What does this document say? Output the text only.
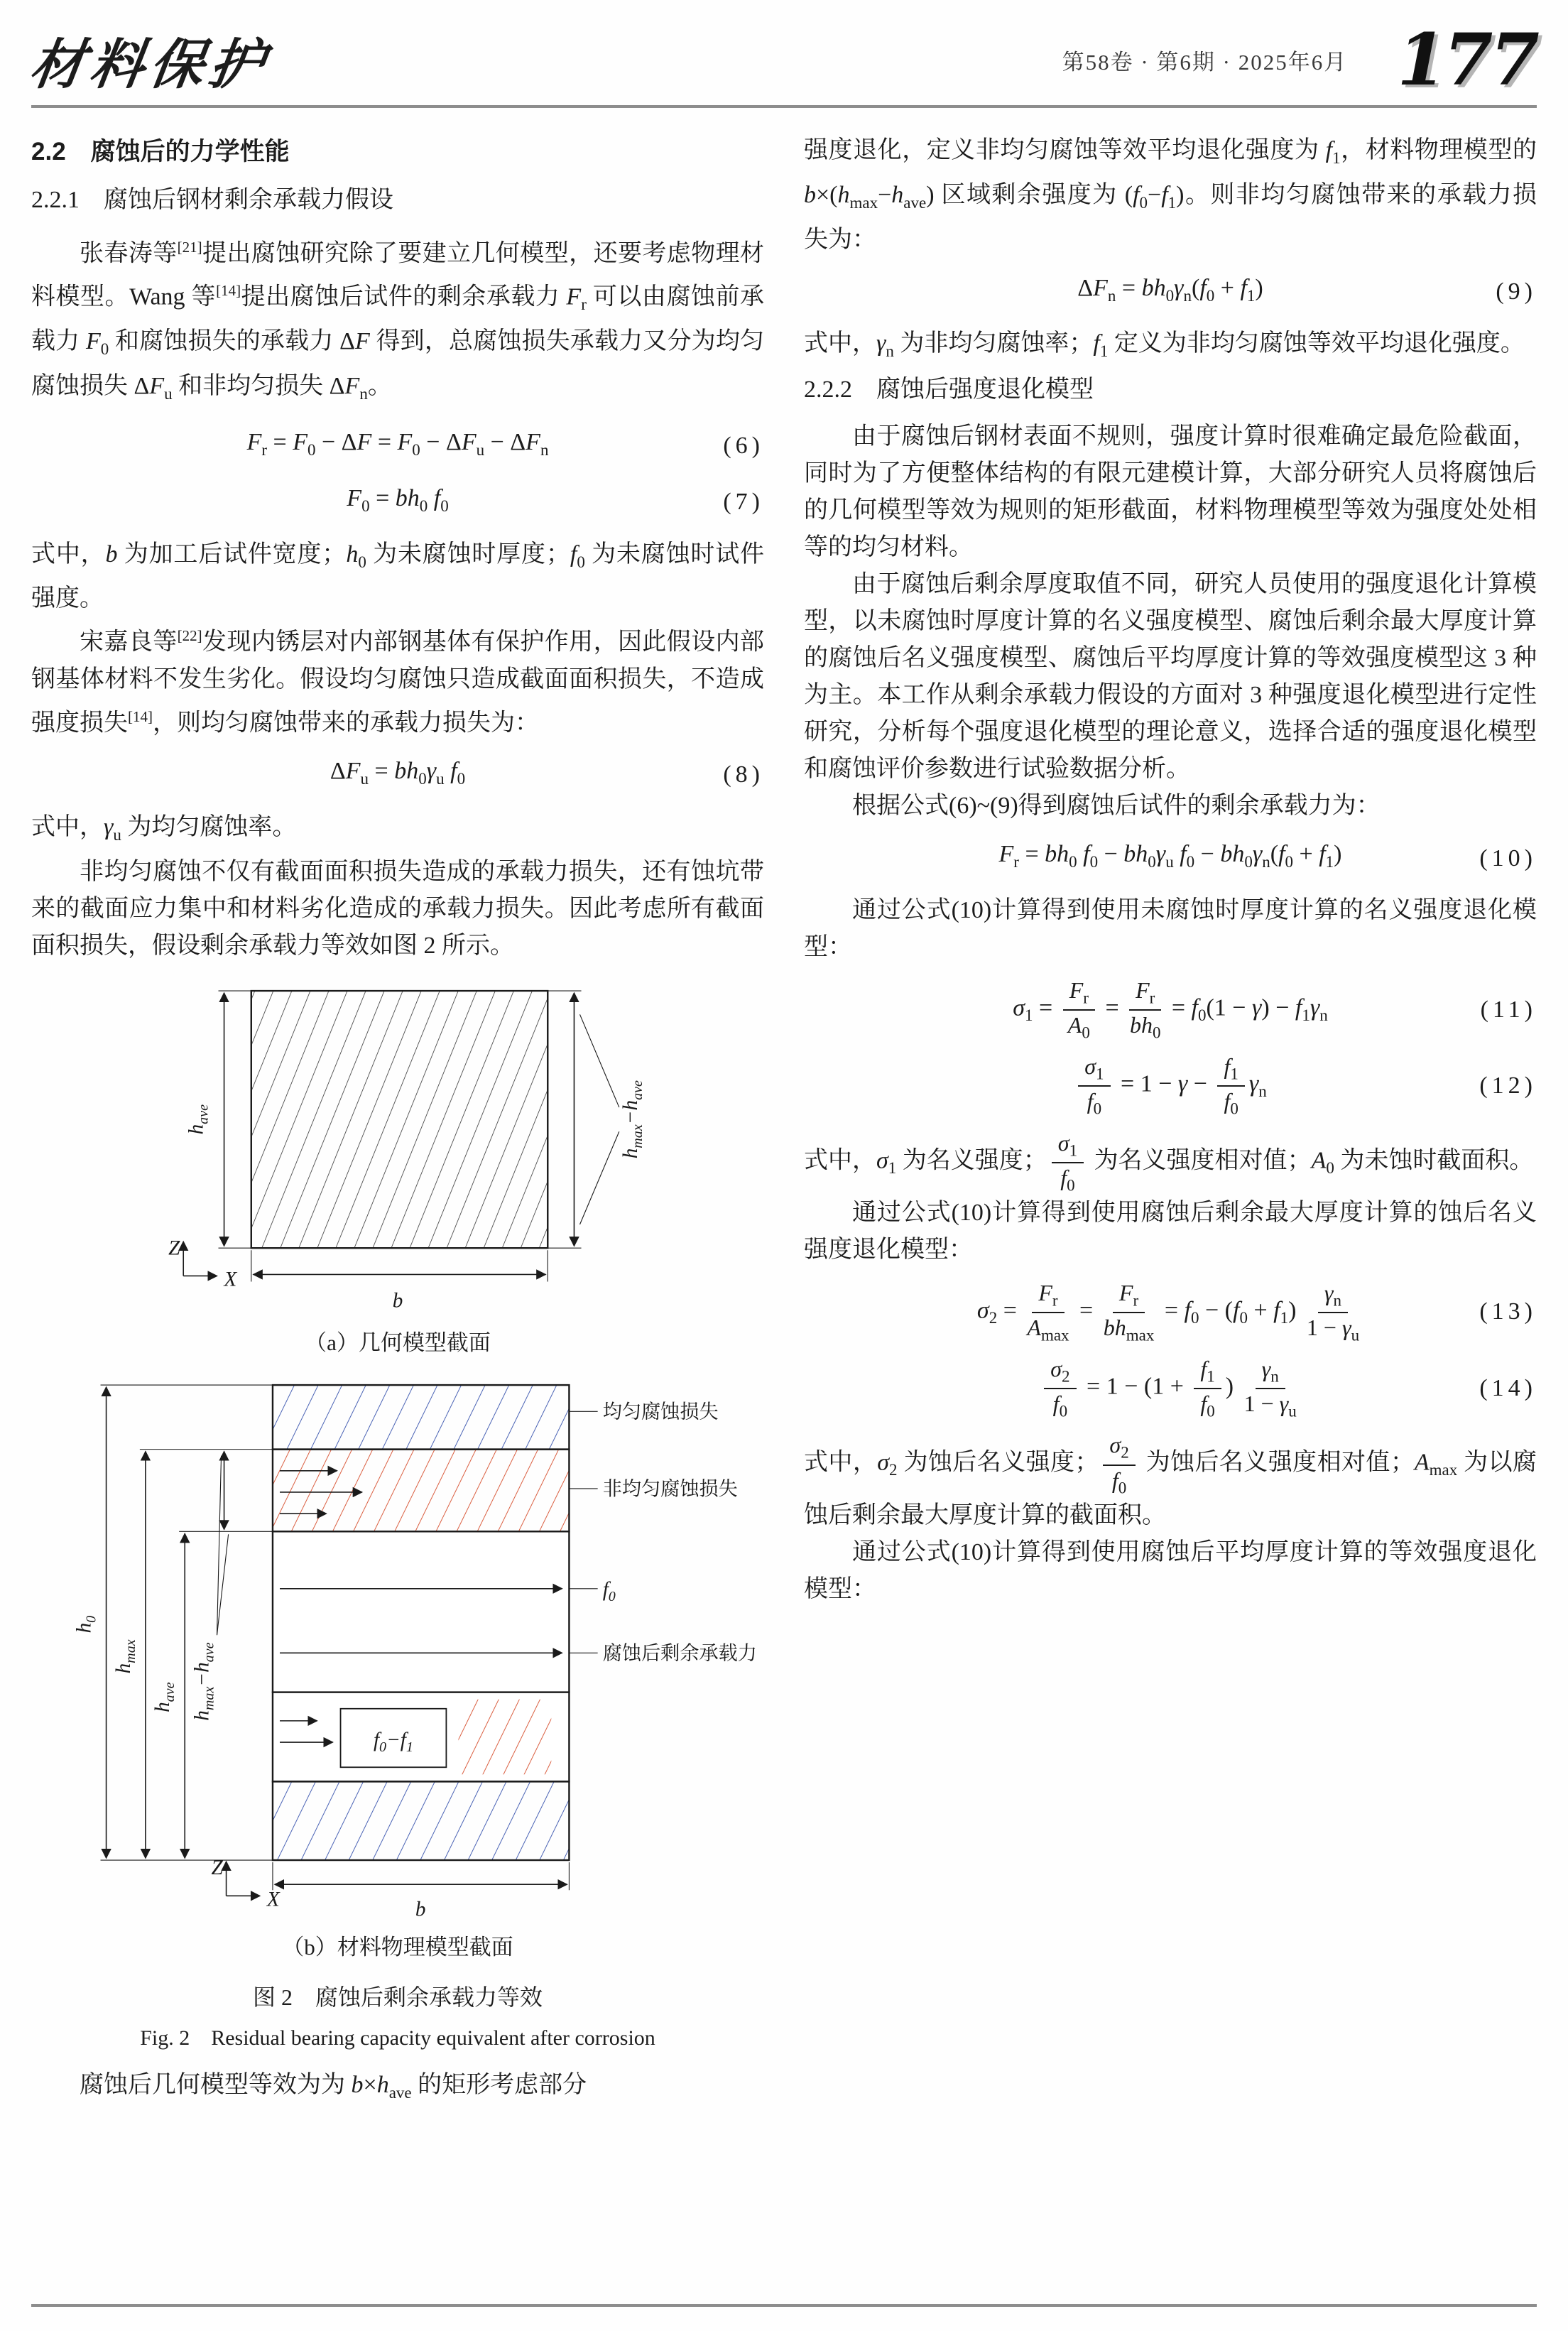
材料保护	第58卷 · 第6期 · 2025年6月 177
2.2　腐蚀后的力学性能
2.2.1　腐蚀后钢材剩余承载力假设

张春涛等[21]提出腐蚀研究除了要建立几何模型，还要考虑物理材料模型。Wang 等[14]提出腐蚀后试件的剩余承载力 $F_r$ 可以由腐蚀前承载力 $F_0$ 和腐蚀损失的承载力 ΔF 得到，总腐蚀损失承载力又分为均匀腐蚀损失 $\Delta F_u$ 和非均匀损失 $\Delta F_n$。

$F_r = F_0 - \Delta F = F_0 - \Delta F_u - \Delta F_n$	(6)
$F_0 = bh_0$ $f_0$	(7)

式中，b 为加工后试件宽度；$h_0$ 为未腐蚀时厚度；$f_0$ 为未腐蚀时试件强度。

宋嘉良等[22]发现内锈层对内部钢基体有保护作用，因此假设内部钢基体材料不发生劣化。假设均匀腐蚀只造成截面面积损失，不造成强度损失[14]，则均匀腐蚀带来的承载力损失为：

$\Delta F_u = bh_0\gamma_u$ $f_0$	(8)

式中，$\gamma_u$ 为均匀腐蚀率。

非均匀腐蚀不仅有截面面积损失造成的承载力损失，还有蚀坑带来的截面应力集中和材料劣化造成的承载力损失。因此考虑所有截面面积损失，假设剩余承载力等效如图 2 所示。

$h_{ave}$
$h_{max}-h_{ave}$
b
Z
X
（a）几何模型截面
$f_0-f_1$
均匀腐蚀损失
非均匀腐蚀损失
$f_0$
腐蚀后剩余承载力
$h_0$
$h_{max}$
$h_{ave}$
$h_{max}-h_{ave}$
b
Z
X
（b）材料物理模型截面
图 2　腐蚀后剩余承载力等效
Fig. 2　Residual bearing capacity equivalent after corrosion

腐蚀后几何模型等效为为 $b\times h_{ave}$ 的矩形考虑部分

强度退化，定义非均匀腐蚀等效平均退化强度为 $f_1$，材料物理模型的 $b\times(h_{max}-h_{ave})$ 区域剩余强度为 $(f_0-f_1)$。则非均匀腐蚀带来的承载力损失为：

$\Delta F_n = bh_0\gamma_n(f_0 + f_1)$	(9)

式中，$\gamma_n$ 为非均匀腐蚀率；$f_1$ 定义为非均匀腐蚀等效平均退化强度。

2.2.2　腐蚀后强度退化模型

由于腐蚀后钢材表面不规则，强度计算时很难确定最危险截面，同时为了方便整体结构的有限元建模计算，大部分研究人员将腐蚀后的几何模型等效为规则的矩形截面，材料物理模型等效为强度处处相等的均匀材料。

由于腐蚀后剩余厚度取值不同，研究人员使用的强度退化计算模型，以未腐蚀时厚度计算的名义强度模型、腐蚀后剩余最大厚度计算的腐蚀后名义强度模型、腐蚀后平均厚度计算的等效强度模型这 3 种为主。本工作从剩余承载力假设的方面对 3 种强度退化模型进行定性研究，分析每个强度退化模型的理论意义，选择合适的强度退化模型和腐蚀评价参数进行试验数据分析。

根据公式(6)~(9)得到腐蚀后试件的剩余承载力为：

$F_r = bh_0$ $f_0 - bh_0\gamma_u$ $f_0 - bh_0\gamma_n(f_0 + f_1)$	(10)

通过公式(10)计算得到使用未腐蚀时厚度计算的名义强度退化模型：

$\sigma_1 = \frac{F_r}{A_0} = \frac{F_r}{bh_0} = f_0(1 - \gamma) - f_1\gamma_n$	(11)
$\frac{\sigma_1}{f_0} = 1 - \gamma - \frac{f_1}{f_0} \gamma_n$	(12)

式中，$\sigma_1$ 为名义强度； $\frac{\sigma_1}{f_0}$ 为名义强度相对值；$A_0$ 为未蚀时截面积。

通过公式(10)计算得到使用腐蚀后剩余最大厚度计算的蚀后名义强度退化模型：

$\sigma_2 = \frac{F_r}{A_{max}} = \frac{F_r}{bh_{max}} = f_0 - (f_0 + f_1) \frac{\gamma_n}{1 - \gamma_u}$	(13)
$\frac{\sigma_2}{f_0} = 1 - (1 + \frac{f_1}{f_0}$ ) $\frac{\gamma_n}{1 - \gamma_u}$	(14)

式中，$\sigma_2$ 为蚀后名义强度； $\frac{\sigma_2}{f_0}$ 为蚀后名义强度相对值；$A_{max}$ 为以腐蚀后剩余最大厚度计算的截面积。

通过公式(10)计算得到使用腐蚀后平均厚度计算的等效强度退化模型：
